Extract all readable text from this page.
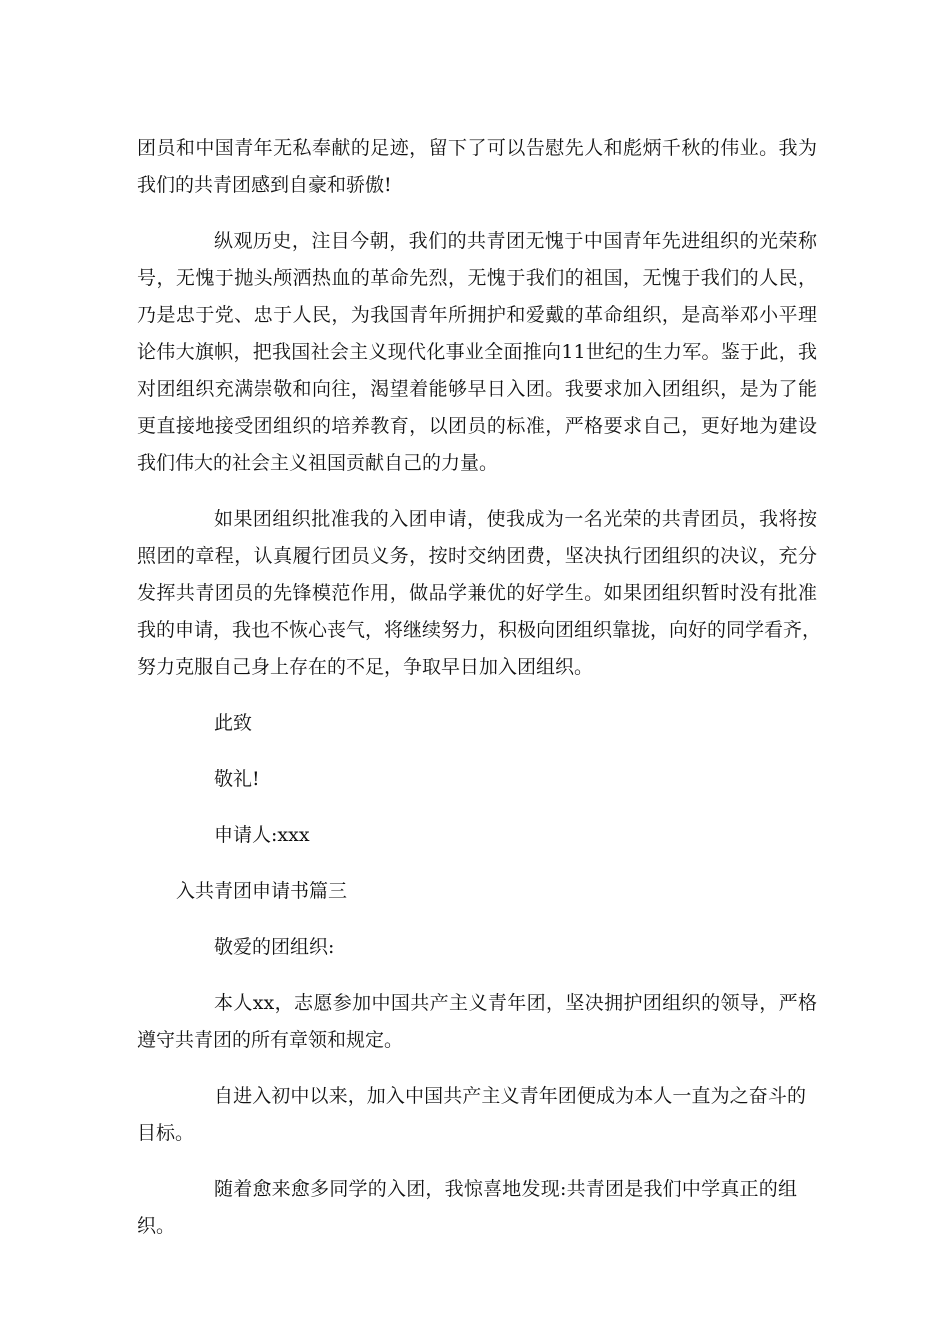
团员和中国青年无私奉献的足迹，留下了可以告慰先人和彪炳千秋的伟业。我为
我们的共青团感到自豪和骄傲!
纵观历史，注目今朝，我们的共青团无愧于中国青年先进组织的光荣称
号，无愧于抛头颅洒热血的革命先烈，无愧于我们的祖国，无愧于我们的人民，
乃是忠于党、忠于人民，为我国青年所拥护和爱戴的革命组织，是高举邓小平理
论伟大旗帜，把我国社会主义现代化事业全面推向11世纪的生力军。鉴于此，我
对团组织充满崇敬和向往，渴望着能够早日入团。我要求加入团组织，是为了能
更直接地接受团组织的培养教育，以团员的标准，严格要求自己，更好地为建设
我们伟大的社会主义祖国贡献自己的力量。
如果团组织批准我的入团申请，使我成为一名光荣的共青团员，我将按
照团的章程，认真履行团员义务，按时交纳团费，坚决执行团组织的决议，充分
发挥共青团员的先锋模范作用，做品学兼优的好学生。如果团组织暂时没有批准
我的申请，我也不恢心丧气，将继续努力，积极向团组织靠拢，向好的同学看齐，
努力克服自己身上存在的不足，争取早日加入团组织。
此致
敬礼!
申请人:xxx
入共青团申请书篇三
敬爱的团组织:
本人xx，志愿参加中国共产主义青年团，坚决拥护团组织的领导，严格
遵守共青团的所有章领和规定。
自进入初中以来，加入中国共产主义青年团便成为本人一直为之奋斗的
目标。
随着愈来愈多同学的入团，我惊喜地发现:共青团是我们中学真正的组
织。
